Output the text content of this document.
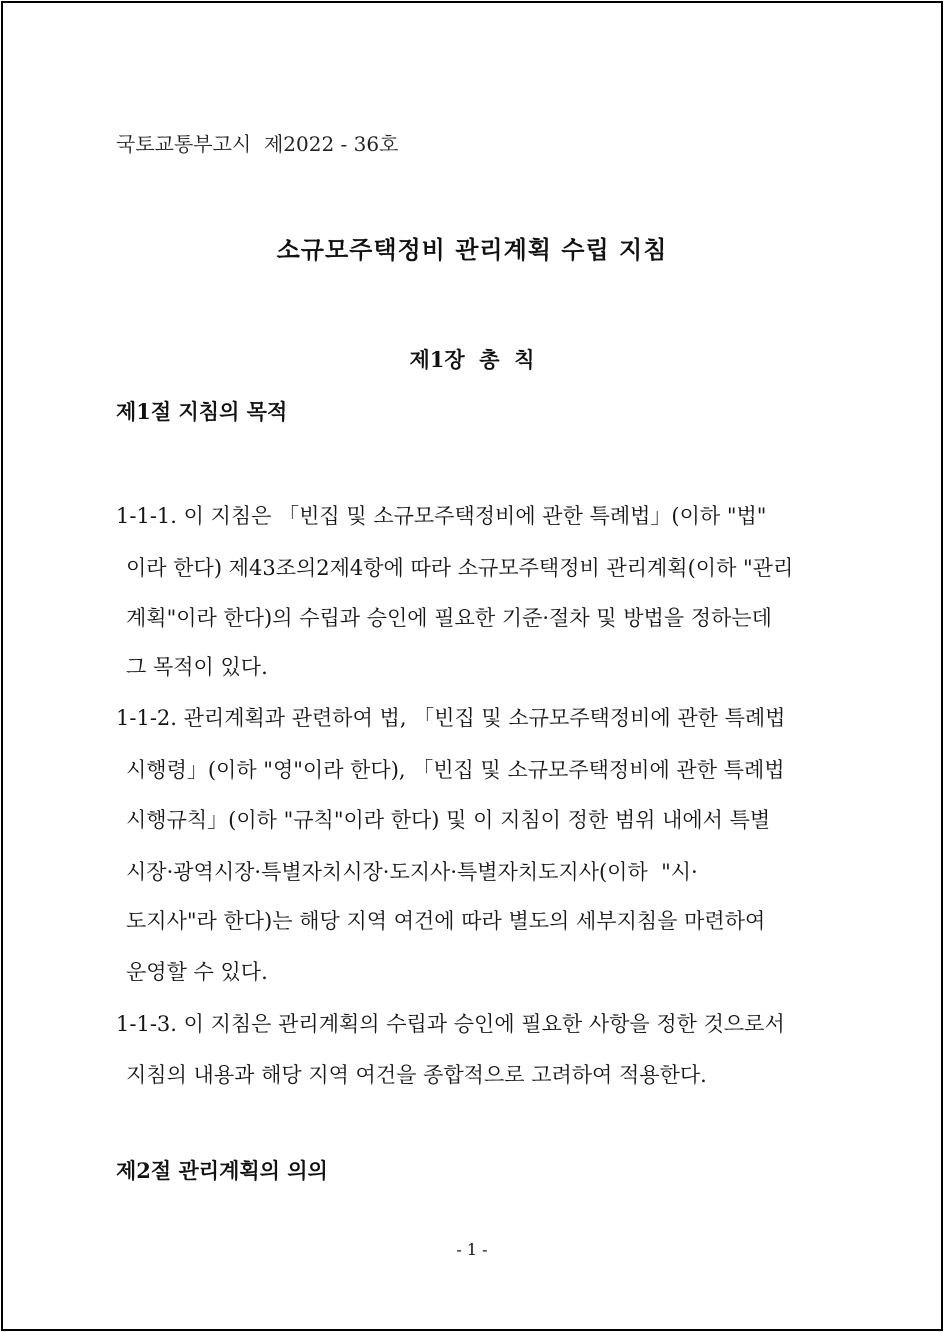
국토교통부고시  제2022 - 36호
소규모주택정비 관리계획 수립 지침
제1장  총  칙
제1절 지침의 목적
1-1-1. 이 지침은 「빈집 및 소규모주택정비에 관한 특례법」(이하 "법"
이라 한다) 제43조의2제4항에 따라 소규모주택정비 관리계획(이하 "관리
계획"이라 한다)의 수립과 승인에 필요한 기준·절차 및 방법을 정하는데
그 목적이 있다.
1-1-2. 관리계획과 관련하여 법, 「빈집 및 소규모주택정비에 관한 특례법
시행령」(이하 "영"이라 한다), 「빈집 및 소규모주택정비에 관한 특례법
시행규칙」(이하 "규칙"이라 한다) 및 이 지침이 정한 범위 내에서 특별
시장·광역시장·특별자치시장·도지사·특별자치도지사(이하  "시·
도지사"라 한다)는 해당 지역 여건에 따라 별도의 세부지침을 마련하여
운영할 수 있다.
1-1-3. 이 지침은 관리계획의 수립과 승인에 필요한 사항을 정한 것으로서
지침의 내용과 해당 지역 여건을 종합적으로 고려하여 적용한다.
제2절 관리계획의 의의
- 1 -
